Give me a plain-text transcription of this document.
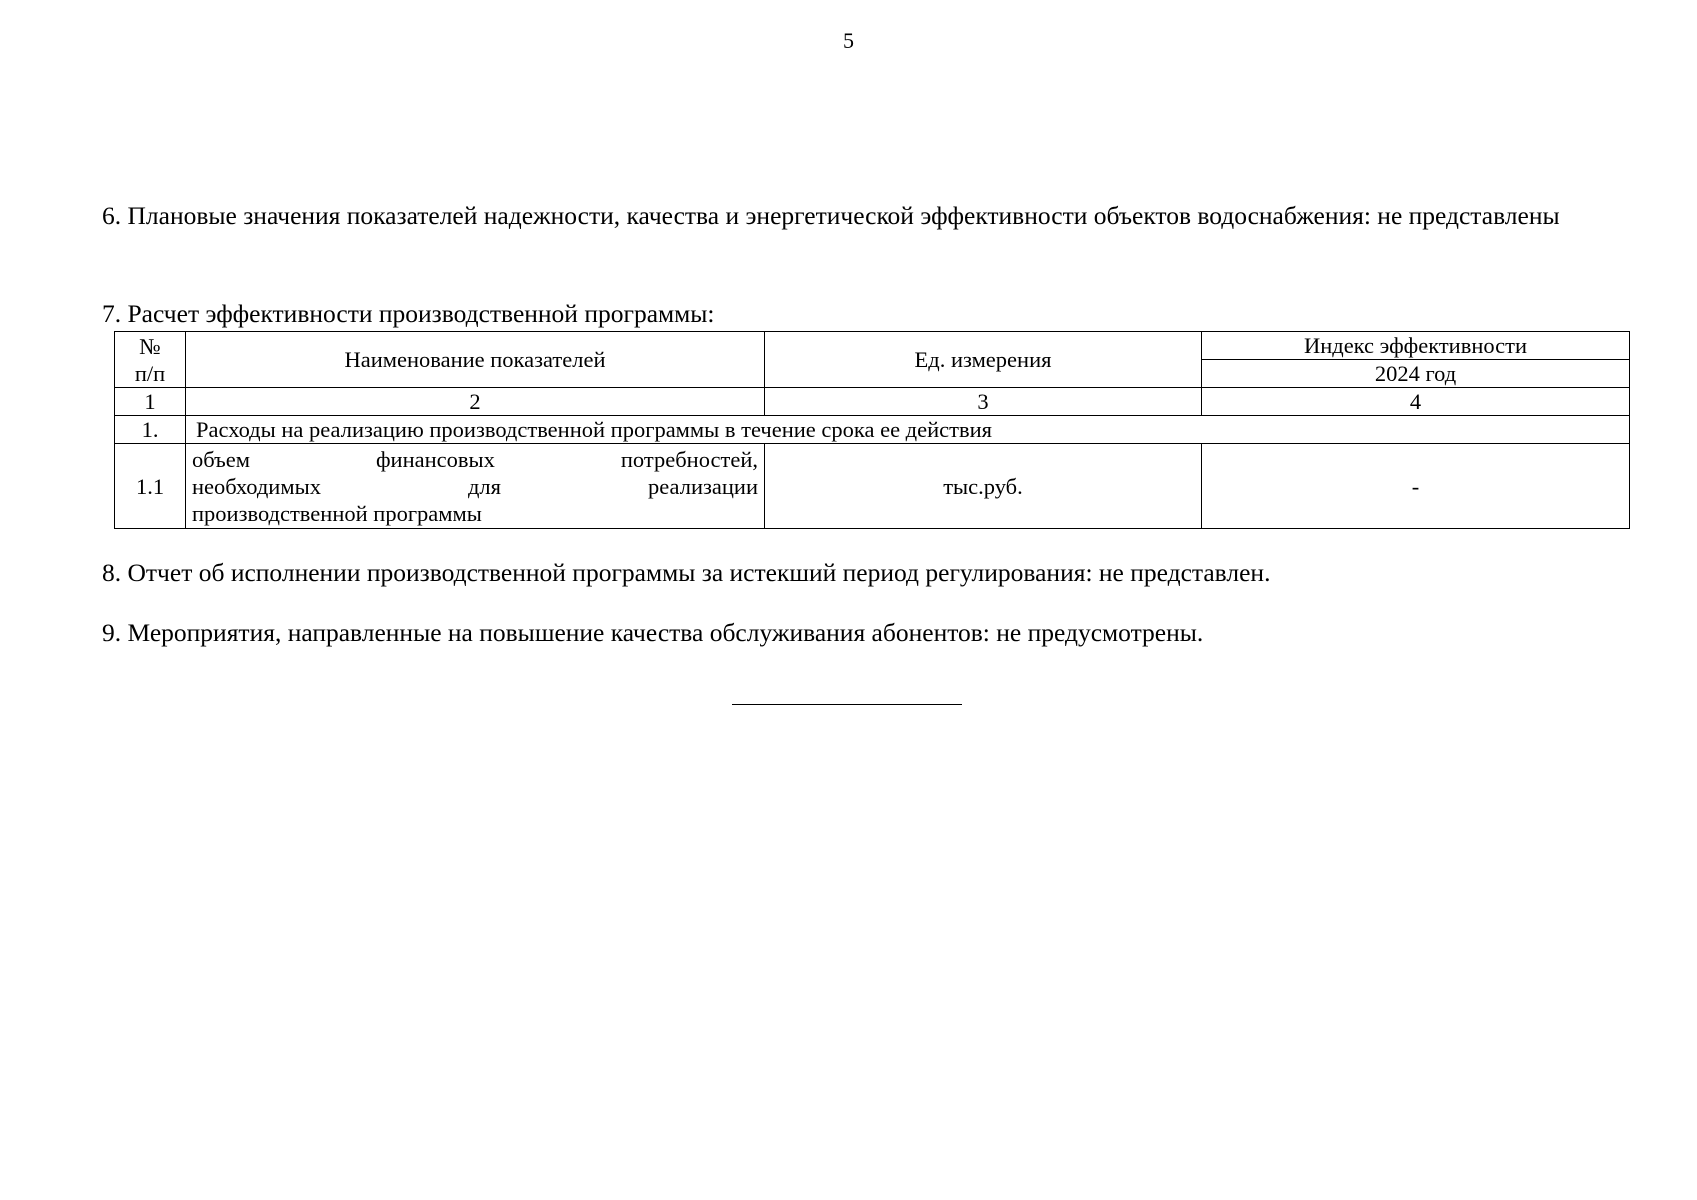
5
6. Плановые значения показателей надежности, качества и энергетической эффективности объектов водоснабжения: не представлены
7. Расчет эффективности производственной программы:
№ п/п	Наименование показателей	Ед. измерения	Индекс эффективности
			2024 год
1	2	3	4
1.	Расходы на реализацию производственной программы в течение срока ее действия		
1.1	объем финансовых потребностей,
необходимых для реализации
производственной программы	тыс.руб.	-
8. Отчет об исполнении производственной программы за истекший период регулирования: не представлен.
9. Мероприятия, направленные на повышение качества обслуживания абонентов: не предусмотрены.
